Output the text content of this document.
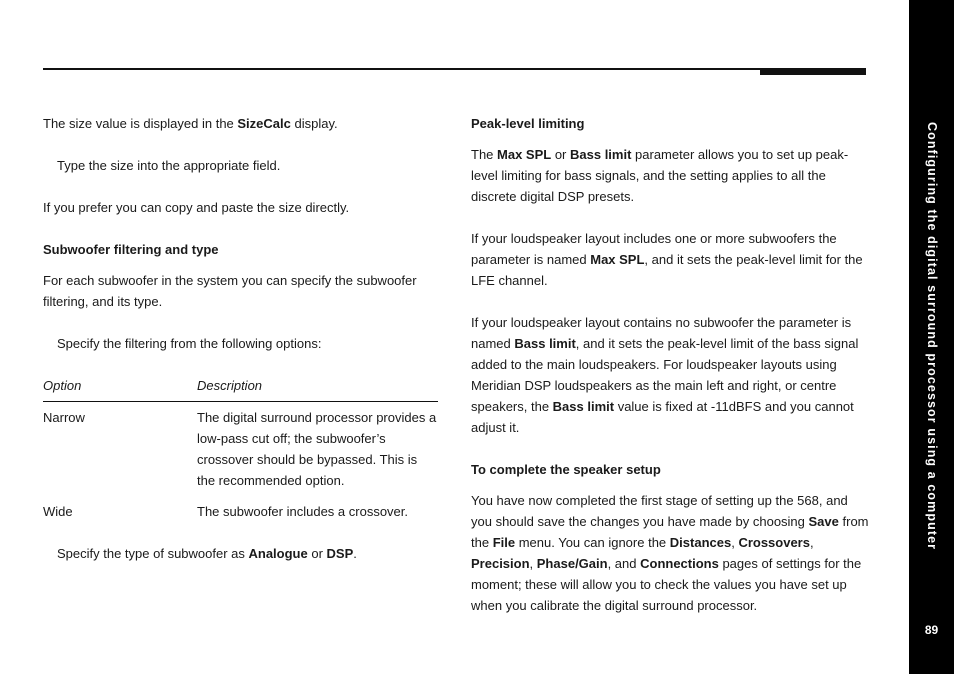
Configuring the digital surround processor using a computer
89

The size value is displayed in the SizeCalc display.

Type the size into the appropriate field.

If you prefer you can copy and paste the size directly.

Subwoofer filtering and type

For each subwoofer in the system you can specify the subwoofer filtering, and its type.

Specify the filtering from the following options:

Option	Description
Narrow	The digital surround processor provides a low-pass cut off; the subwoofer’s crossover should be bypassed. This is the recommended option.
Wide	The subwoofer includes a crossover.

Specify the type of subwoofer as Analogue or DSP.

Peak-level limiting

The Max SPL or Bass limit parameter allows you to set up peak-level limiting for bass signals, and the setting applies to all the discrete digital DSP presets.

If your loudspeaker layout includes one or more subwoofers the parameter is named Max SPL, and it sets the peak-level limit for the LFE channel.

If your loudspeaker layout contains no subwoofer the parameter is named Bass limit, and it sets the peak-level limit of the bass signal added to the main loudspeakers. For loudspeaker layouts using Meridian DSP loudspeakers as the main left and right, or centre speakers, the Bass limit value is fixed at -11dBFS and you cannot adjust it.

To complete the speaker setup

You have now completed the first stage of setting up the 568, and you should save the changes you have made by choosing Save from the File menu. You can ignore the Distances, Crossovers, Precision, Phase/Gain, and Connections pages of settings for the moment; these will allow you to check the values you have set up when you calibrate the digital surround processor.
